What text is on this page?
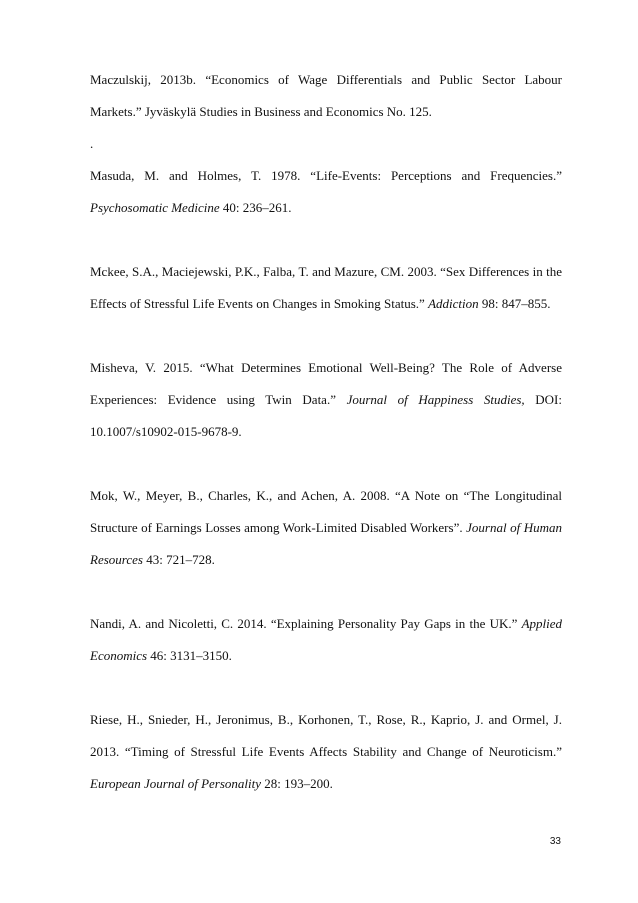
Maczulskij, 2013b. “Economics of Wage Differentials and Public Sector Labour Markets.” Jyväskylä Studies in Business and Economics No. 125.

.

Masuda, M. and Holmes, T. 1978. “Life-Events: Perceptions and Frequencies.” Psychosomatic Medicine 40: 236–261.

Mckee, S.A., Maciejewski, P.K., Falba, T. and Mazure, CM. 2003. “Sex Differences in the Effects of Stressful Life Events on Changes in Smoking Status.” Addiction 98: 847–855.

Misheva, V. 2015. “What Determines Emotional Well-Being? The Role of Adverse Experiences: Evidence using Twin Data.” Journal of Happiness Studies, DOI: 10.1007/s10902-015-9678-9.

Mok, W., Meyer, B., Charles, K., and Achen, A. 2008. “A Note on “The Longitudinal Structure of Earnings Losses among Work-Limited Disabled Workers”. Journal of Human Resources 43: 721–728.

Nandi, A. and Nicoletti, C. 2014. “Explaining Personality Pay Gaps in the UK.” Applied Economics 46: 3131–3150.

Riese, H., Snieder, H., Jeronimus, B., Korhonen, T., Rose, R., Kaprio, J. and Ormel, J. 2013. “Timing of Stressful Life Events Affects Stability and Change of Neuroticism.” European Journal of Personality 28: 193–200.

33
